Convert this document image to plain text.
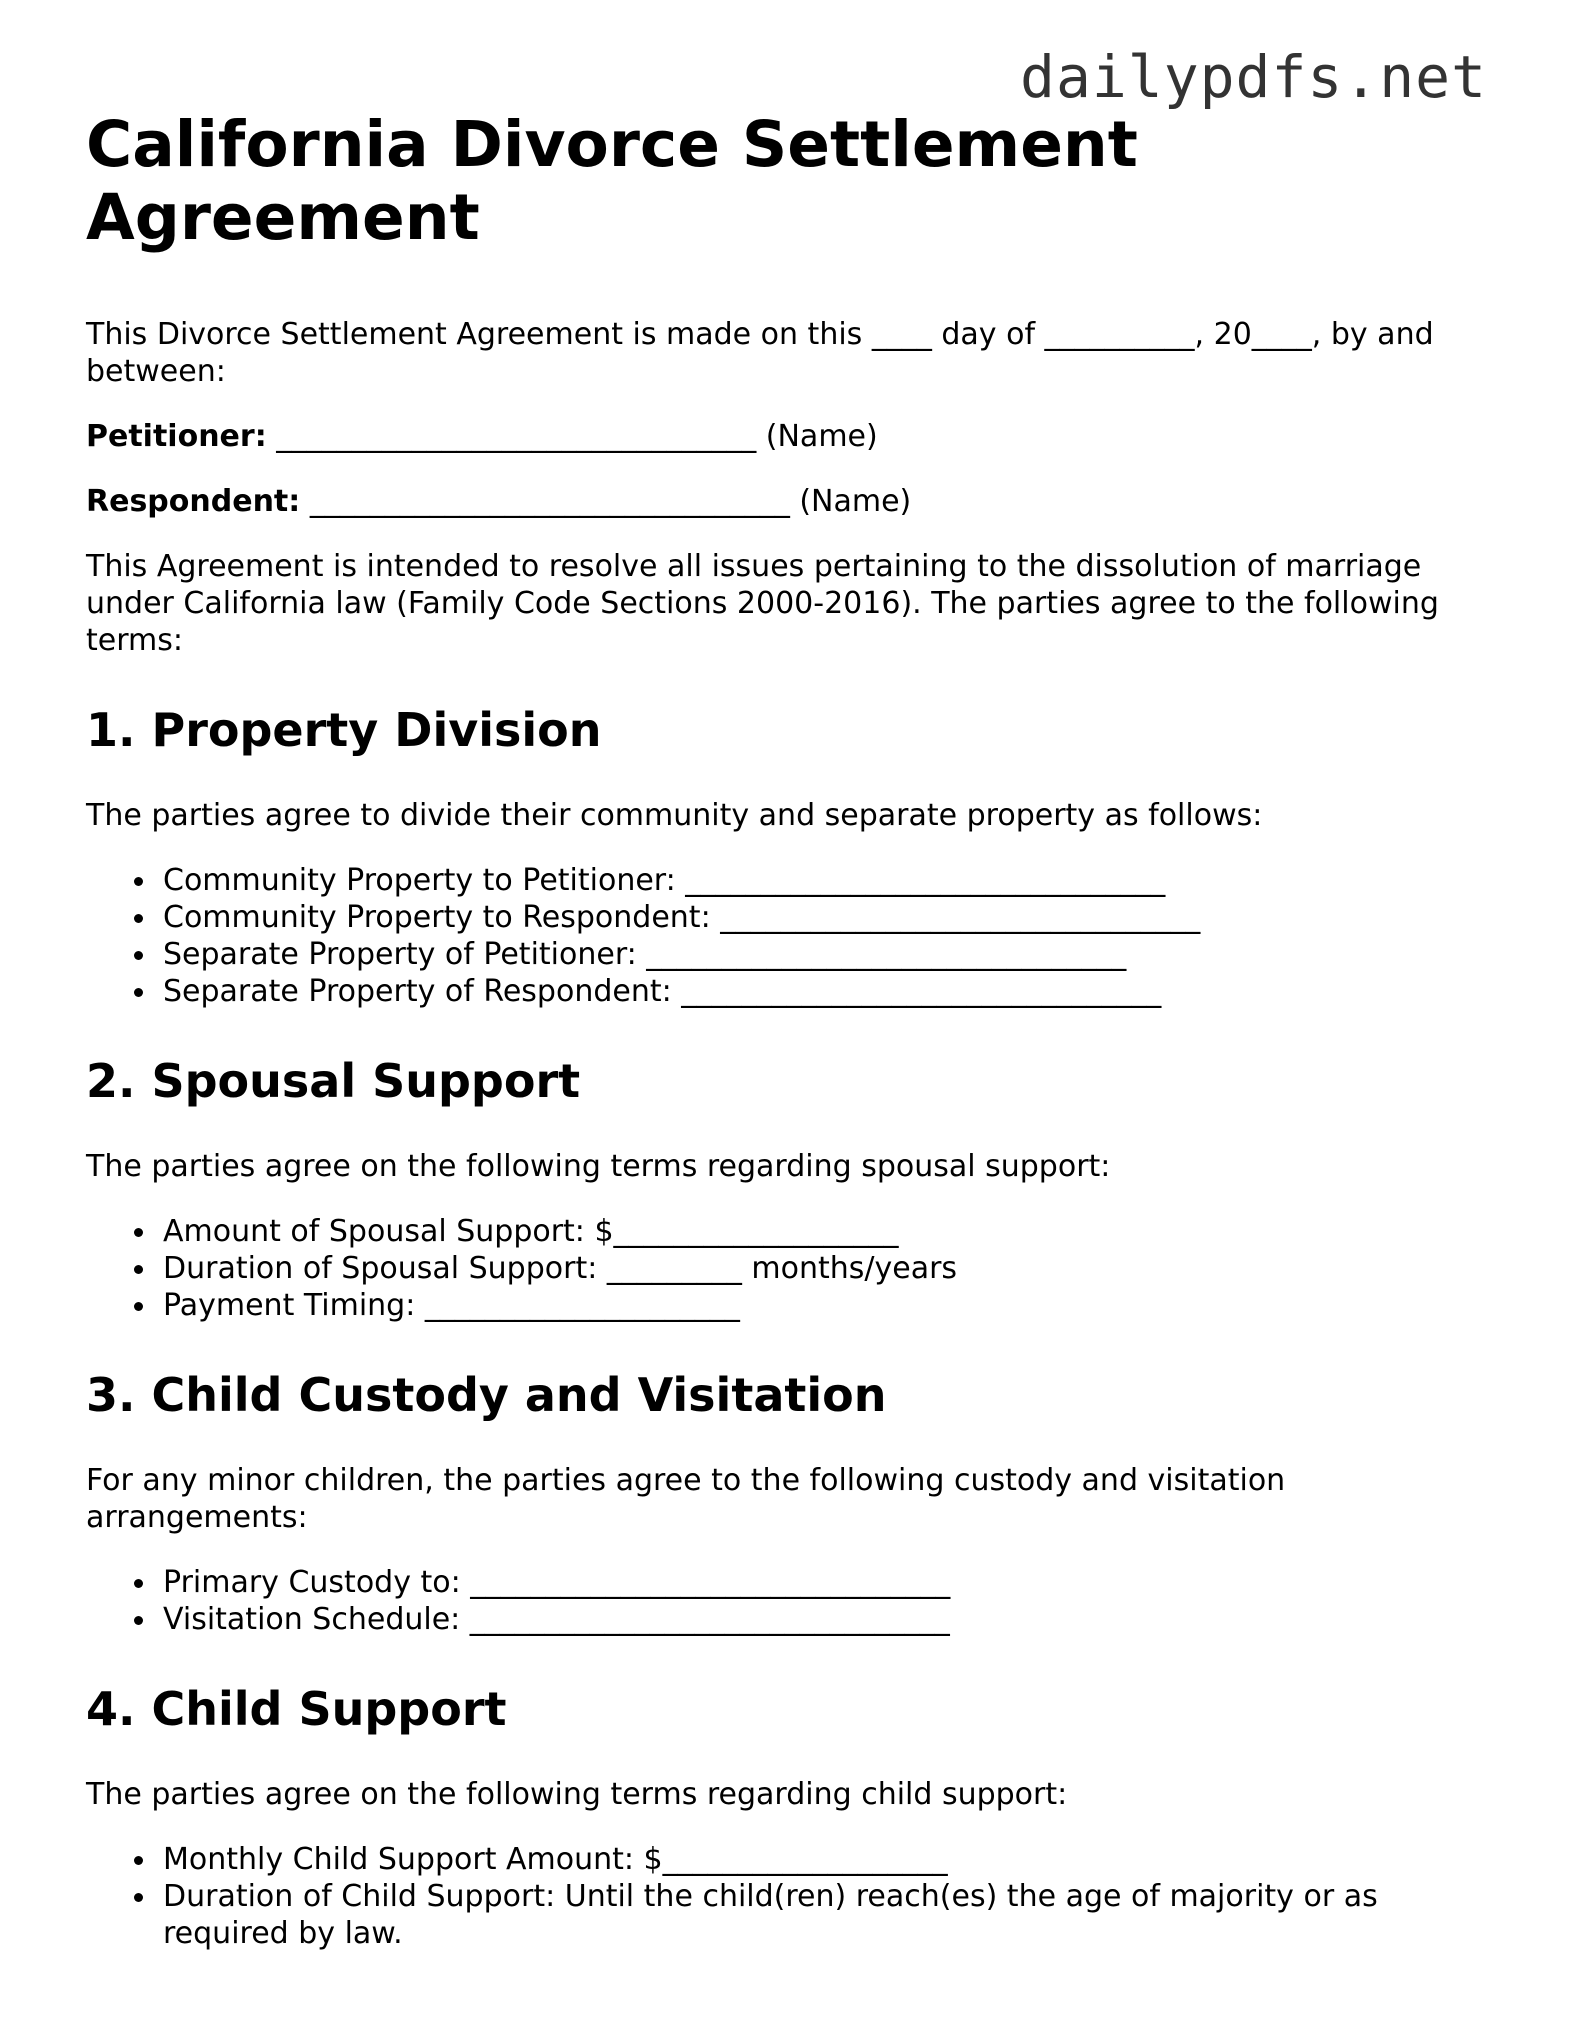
dailypdfs.net
California Divorce Settlement Agreement

This Divorce Settlement Agreement is made on this ____ day of __________, 20____, by and between:

Petitioner: ________________________________ (Name)

Respondent: ________________________________ (Name)

This Agreement is intended to resolve all issues pertaining to the dissolution of marriage under California law (Family Code Sections 2000-2016). The parties agree to the following terms:

1. Property Division

The parties agree to divide their community and separate property as follows:

Community Property to Petitioner: ________________________________
Community Property to Respondent: ________________________________
Separate Property of Petitioner: ________________________________
Separate Property of Respondent: ________________________________
2. Spousal Support

The parties agree on the following terms regarding spousal support:

Amount of Spousal Support: $___________________
Duration of Spousal Support: _________ months/years
Payment Timing: _____________________
3. Child Custody and Visitation

For any minor children, the parties agree to the following custody and visitation arrangements:

Primary Custody to: ________________________________
Visitation Schedule: ________________________________
4. Child Support

The parties agree on the following terms regarding child support:

Monthly Child Support Amount: $___________________
Duration of Child Support: Until the child(ren) reach(es) the age of majority or as required by law.
